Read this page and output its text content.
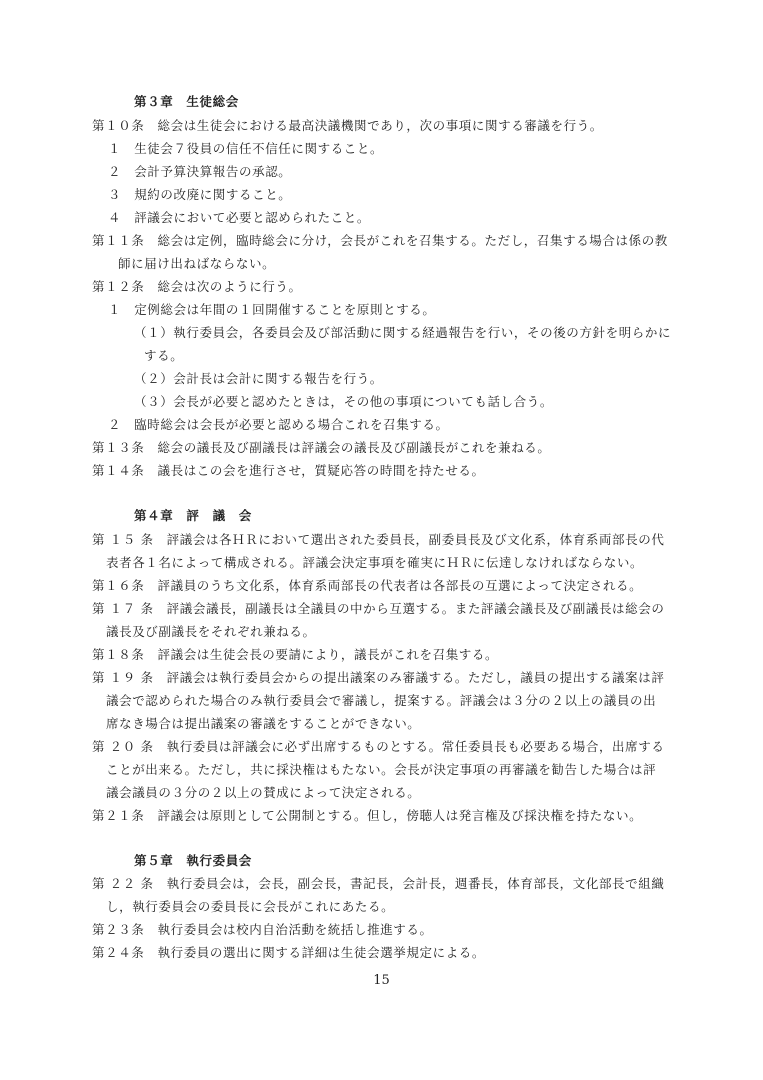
第３章　生徒総会
第１０条　総会は生徒会における最高決議機関であり，次の事項に関する審議を行う。
１　生徒会７役員の信任不信任に関すること。
２　会計予算決算報告の承認。
３　規約の改廃に関すること。
４　評議会において必要と認められたこと。
第１１条　総会は定例，臨時総会に分け，会長がこれを召集する。ただし，召集する場合は係の教
師に届け出ねばならない。
第１２条　総会は次のように行う。
１　定例総会は年間の１回開催することを原則とする。
（１）執行委員会，各委員会及び部活動に関する経過報告を行い，その後の方針を明らかに
する。
（２）会計長は会計に関する報告を行う。
（３）会長が必要と認めたときは，その他の事項についても話し合う。
２　臨時総会は会長が必要と認める場合これを召集する。
第１３条　総会の議長及び副議長は評議会の議長及び副議長がこれを兼ねる。
第１４条　議長はこの会を進行させ，質疑応答の時間を持たせる。
第４章　評　議　会
第 １５ 条　評議会は各ＨＲにおいて選出された委員長，副委員長及び文化系，体育系両部長の代
表者各１名によって構成される。評議会決定事項を確実にＨＲに伝達しなければならない。
第１６条　評議員のうち文化系，体育系両部長の代表者は各部長の互選によって決定される。
第 １７ 条　評議会議長，副議長は全議員の中から互選する。また評議会議長及び副議長は総会の
議長及び副議長をそれぞれ兼ねる。
第１８条　評議会は生徒会長の要請により，議長がこれを召集する。
第 １９ 条　評議会は執行委員会からの提出議案のみ審議する。ただし，議員の提出する議案は評
議会で認められた場合のみ執行委員会で審議し，提案する。評議会は３分の２以上の議員の出
席なき場合は提出議案の審議をすることができない。
第 ２０ 条　執行委員は評議会に必ず出席するものとする。常任委員長も必要ある場合，出席する
ことが出来る。ただし，共に採決権はもたない。会長が決定事項の再審議を勧告した場合は評
議会議員の３分の２以上の賛成によって決定される。
第２１条　評議会は原則として公開制とする。但し，傍聴人は発言権及び採決権を持たない。
第５章　執行委員会
第 ２２ 条　執行委員会は，会長，副会長，書記長，会計長，週番長，体育部長，文化部長で組織
し，執行委員会の委員長に会長がこれにあたる。
第２３条　執行委員会は校内自治活動を統括し推進する。
第２４条　執行委員の選出に関する詳細は生徒会選挙規定による。
15
